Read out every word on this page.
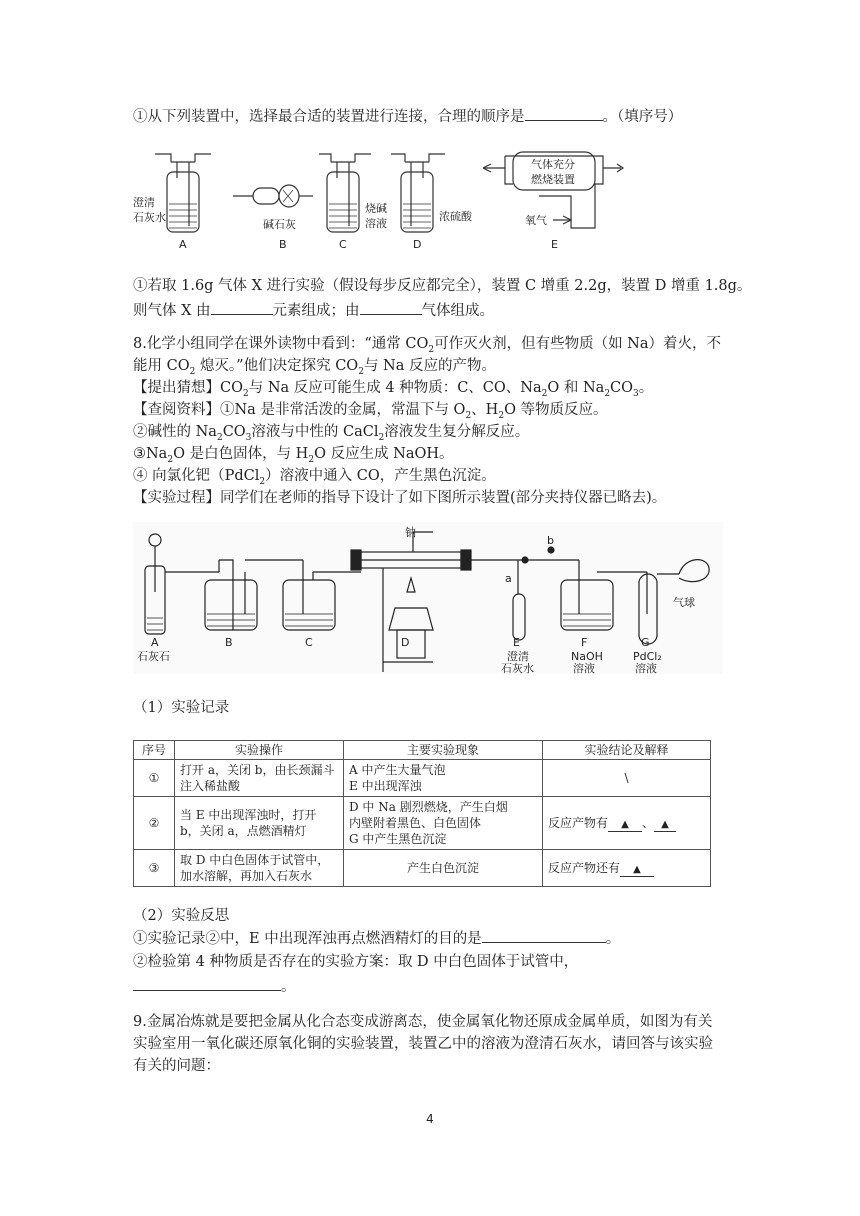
①从下列装置中，选择最合适的装置进行连接，合理的顺序是	。（填序号）
澄清
石灰水
碱石灰
烧碱
溶液
浓硫酸
气体充分
燃烧装置
氧气
A	B	C	D	E
①若取 1.6g 气体 X 进行实验（假设每步反应都完全），装置 C 增重 2.2g，装置 D 增重 1.8g。
则气体 X 由	元素组成；由	气体组成。
8.化学小组同学在课外读物中看到：“通常 $CO_2$可作灭火剂，但有些物质（如 Na）着火，不
能用 $CO_2$ 熄灭。”他们决定探究 $CO_2$与 Na 反应的产物。
【提出猜想】$CO_2$与 Na 反应可能生成 4 种物质：C、CO、$Na_2O$ 和 $Na_2CO_3$。
【查阅资料】①Na 是非常活泼的金属，常温下与 $O_2$、$H_2O$ 等物质反应。
②碱性的 $Na_2CO_3$溶液与中性的 CaCl$_2$溶液发生复分解反应。
$③Na_2O$ 是白色固体，与 $H_2O$ 反应生成 NaOH。
④ 向氯化钯（PdCl$_2$）溶液中通入 CO，产生黑色沉淀。
【实验过程】同学们在老师的指导下设计了如下图所示装置(部分夹持仪器已略去)。
钠
气球
a
b
A
石灰石
B	C	D	E
澄清
石灰水
F
NaOH
溶液
G
PdCl₂
溶液
（1）实验记录
序号	实验操作	主要实验现象	实验结论及解释
①	打开 a，关闭 b，由长颈漏斗注入稀盐酸	A 中产生大量气泡
E 中出现浑浊	\
②	当 E 中出现浑浊时，打开 b，关闭 a，点燃酒精灯	D 中 Na 剧烈燃烧，产生白烟
内壁附着黑色、白色固体
G 中产生黑色沉淀	反应产物有 ▲ 、 ▲
③	取 D 中白色固体于试管中，加水溶解，再加入石灰水	产生白色沉淀	反应产物还有 ▲
（2）实验反思
①实验记录②中，E 中出现浑浊再点燃酒精灯的目的是	。
②检验第 4 种物质是否存在的实验方案：取 D 中白色固体于试管中，
。
9.金属冶炼就是要把金属从化合态变成游离态，使金属氧化物还原成金属单质，如图为有关
实验室用一氧化碳还原氧化铜的实验装置，装置乙中的溶液为澄清石灰水，请回答与该实验
有关的问题：
4
